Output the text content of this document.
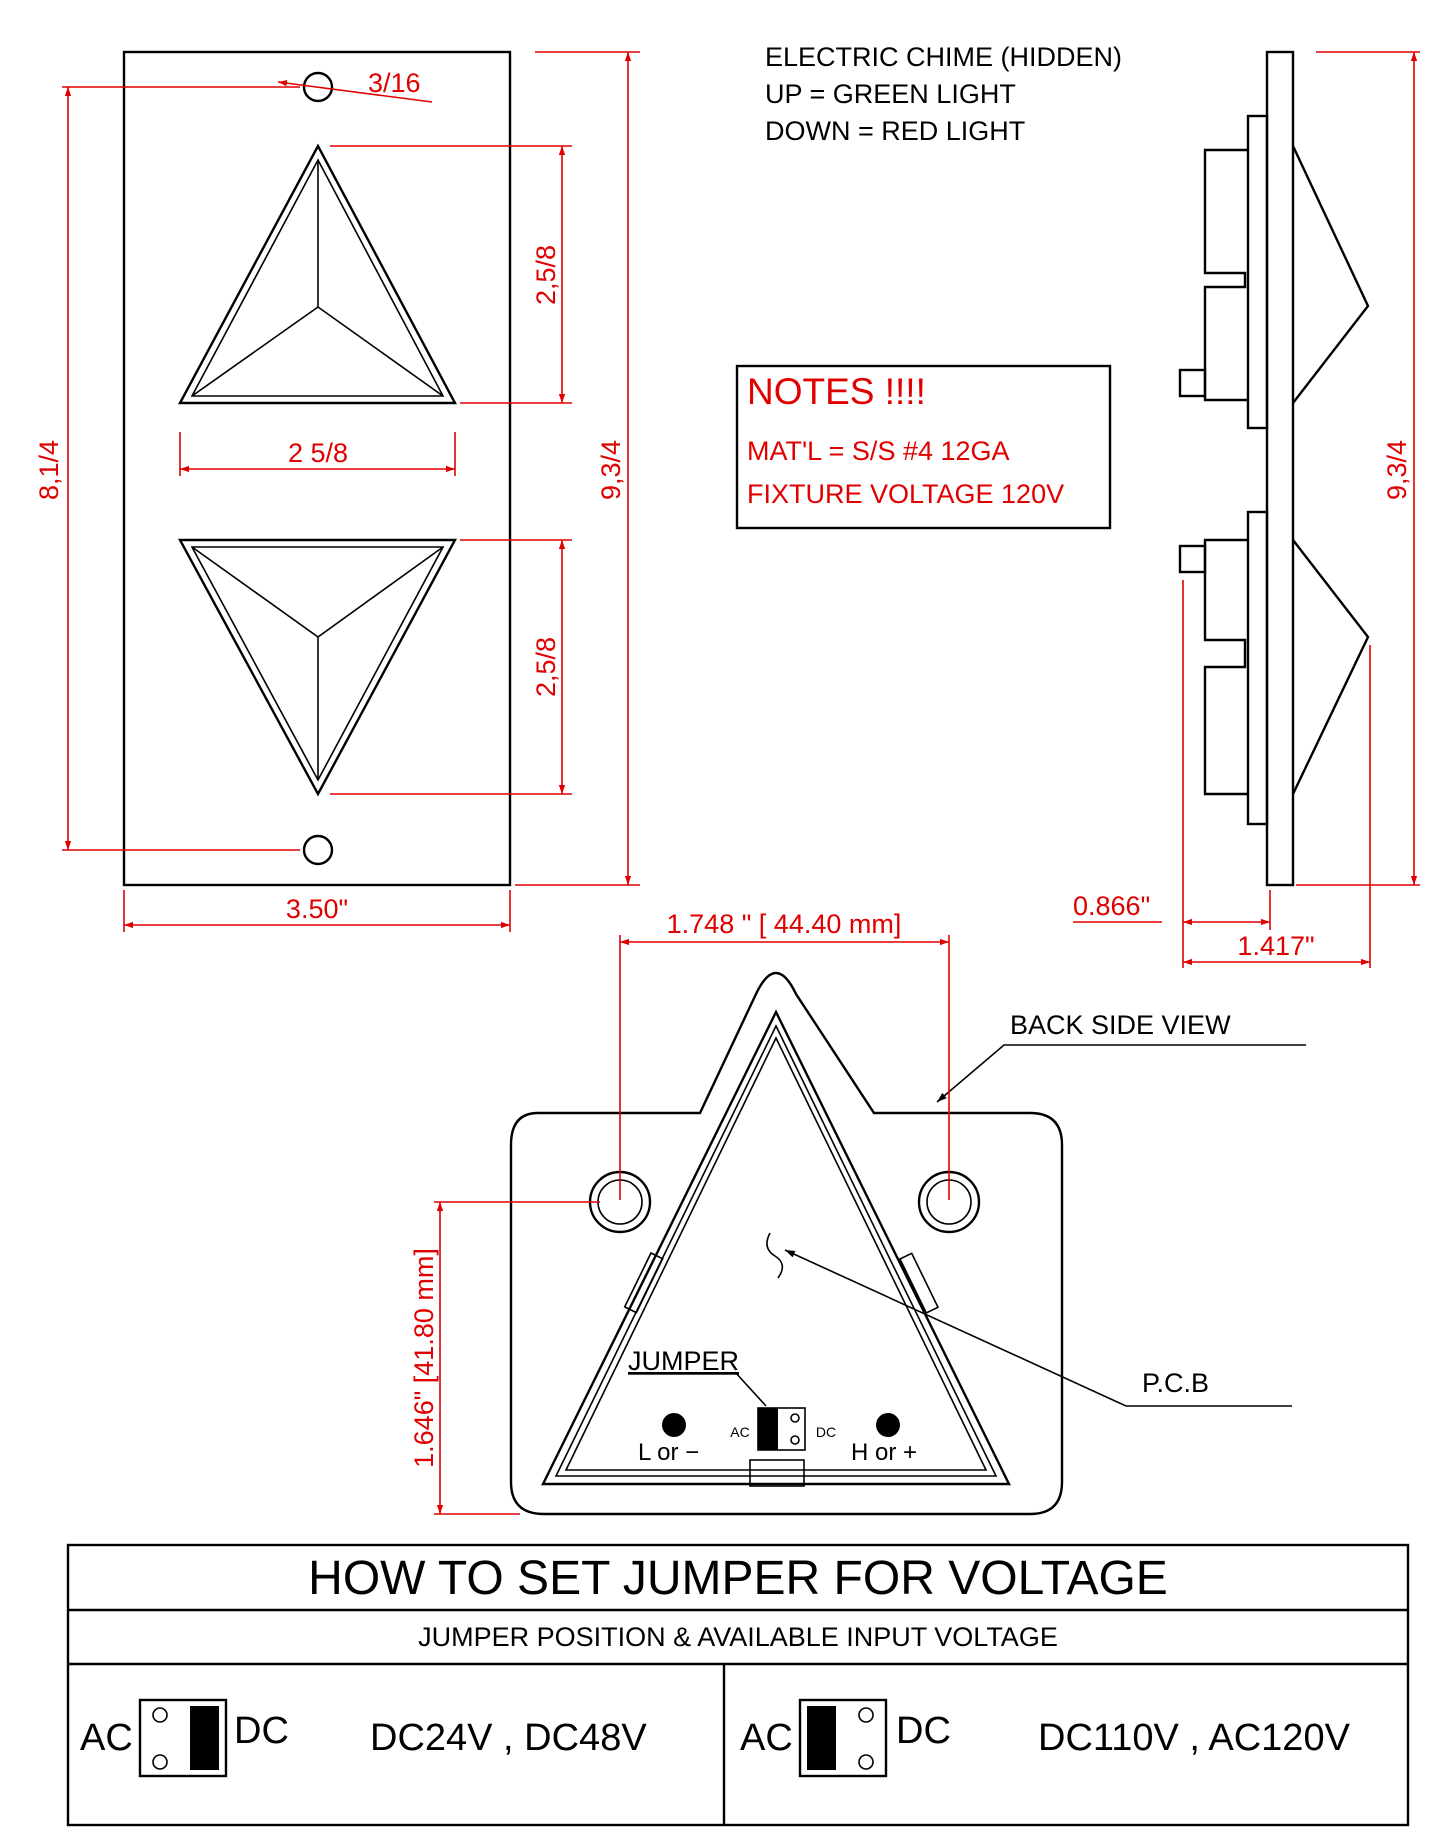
3/16
2,5/8
2,5/8
2 5/8
8,1/4	9,3/4
3.50"
ELECTRIC CHIME (HIDDEN)
UP = GREEN LIGHT
DOWN = RED LIGHT
NOTES !!!!
MAT'L = S/S #4 12GA
FIXTURE VOLTAGE 120V	9,3/4
0.866"
1.417"
AC	DC
JUMPER
L or −	H or +
BACK SIDE VIEW
P.C.B
1.748 " [ 44.40 mm]
1.646" [41.80 mm]
HOW TO SET JUMPER FOR VOLTAGE
JUMPER POSITION & AVAILABLE INPUT VOLTAGE
AC	DC DC24V , DC48V AC	DC DC110V , AC120V
